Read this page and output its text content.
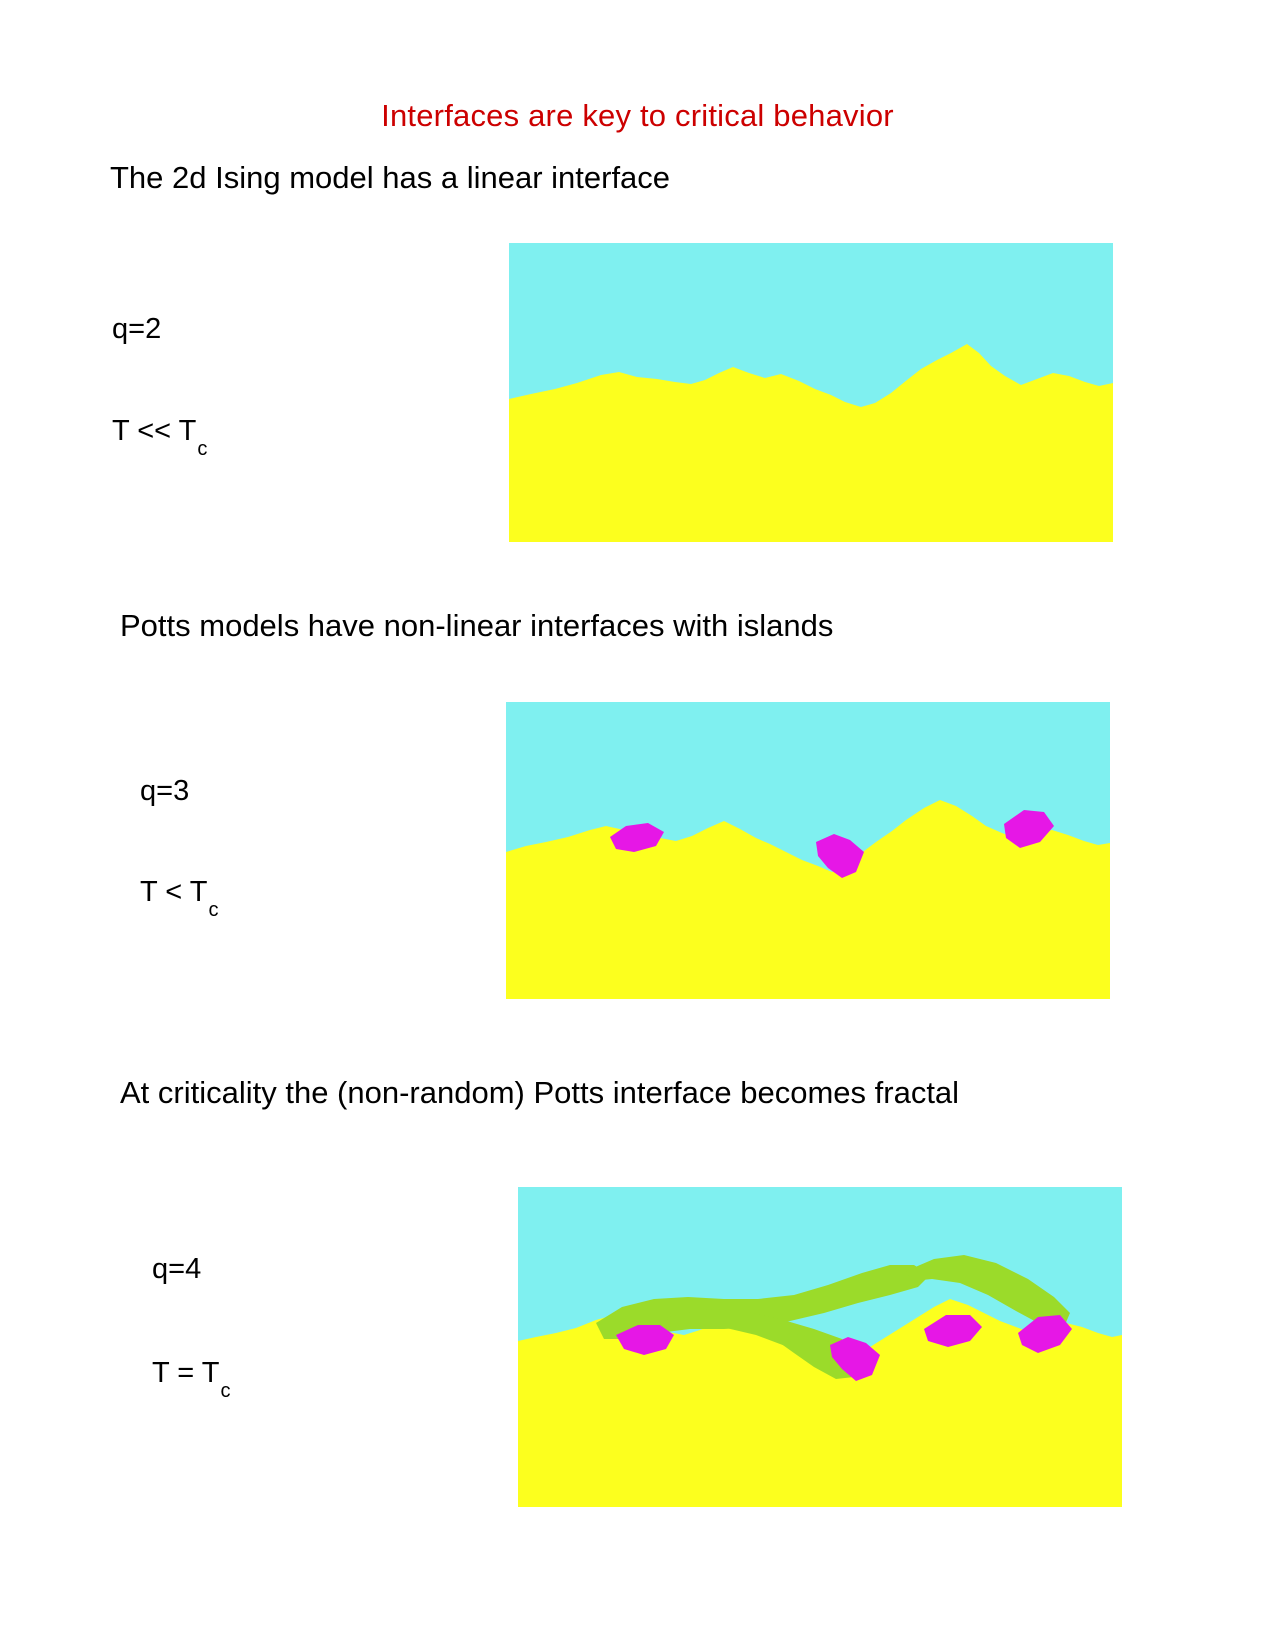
Interfaces are key to critical behavior
The 2d Ising model has a linear interface
q=2
$T << T_c$
Potts models have non-linear interfaces with islands
q=3
$T < T_c$
At criticality the (non-random) Potts interface becomes fractal
q=4
$T = T_c$
